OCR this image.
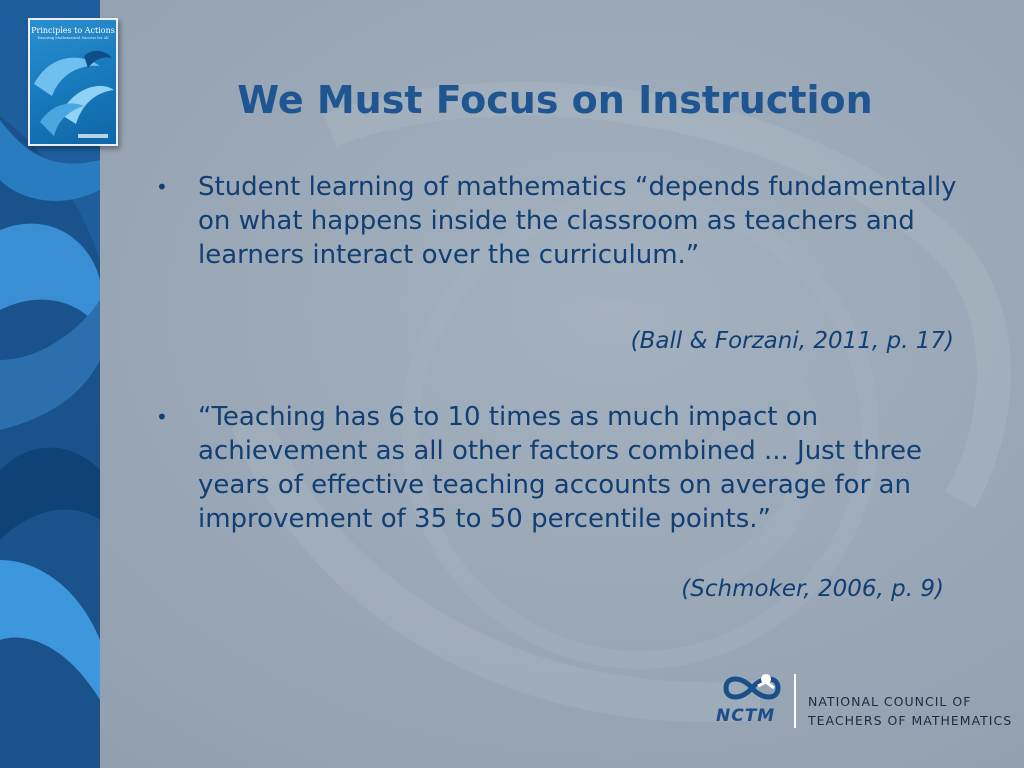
Principles to Actions
Ensuring Mathematical Success for All
We Must Focus on Instruction
•	Student learning of mathematics “depends fundamentally on what happens inside the classroom as teachers and learners interact over the curriculum.”
(Ball & Forzani, 2011, p. 17)
•	“Teaching has 6 to 10 times as much impact on achievement as all other factors combined ... Just three years of effective teaching accounts on average for an improvement of 35 to 50 percentile points.”
(Schmoker, 2006, p. 9)
NCTM
NATIONAL COUNCIL OF
TEACHERS OF MATHEMATICS
